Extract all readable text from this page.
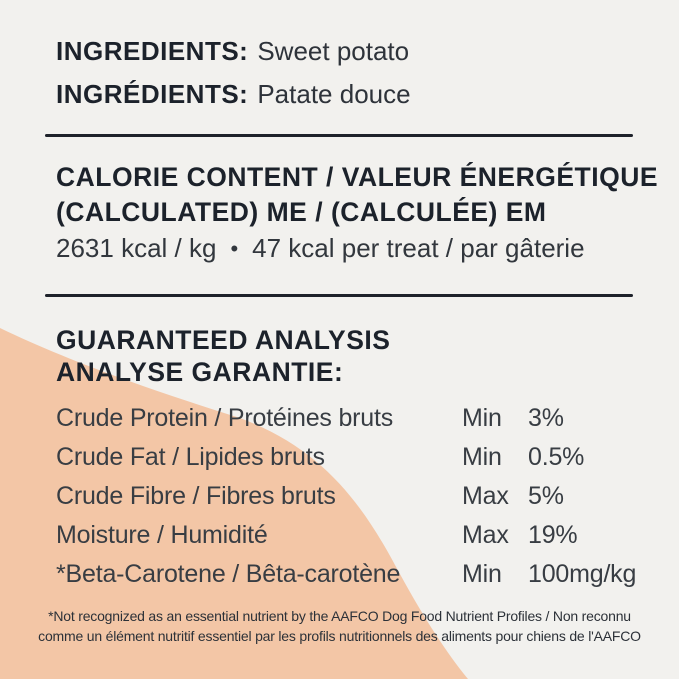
INGREDIENTS: Sweet potato
INGRÉDIENTS: Patate douce
CALORIE CONTENT / VALEUR ÉNERGÉTIQUE
(CALCULATED) ME / (CALCULÉE) EM
2631 kcal / kg • 47 kcal per treat / par gâterie
GUARANTEED ANALYSIS
ANALYSE GARANTIE:
Crude Protein / Protéines bruts	Min 3%
Crude Fat / Lipides bruts	Min 0.5%
Crude Fibre / Fibres bruts	Max 5%
Moisture / Humidité	Max 19%
*Beta-Carotene / Bêta-carotène Min 100mg/kg
*Not recognized as an essential nutrient by the AAFCO Dog Food Nutrient Profiles / Non reconnu
comme un élément nutritif essentiel par les profils nutritionnels des aliments pour chiens de l'AAFCO
